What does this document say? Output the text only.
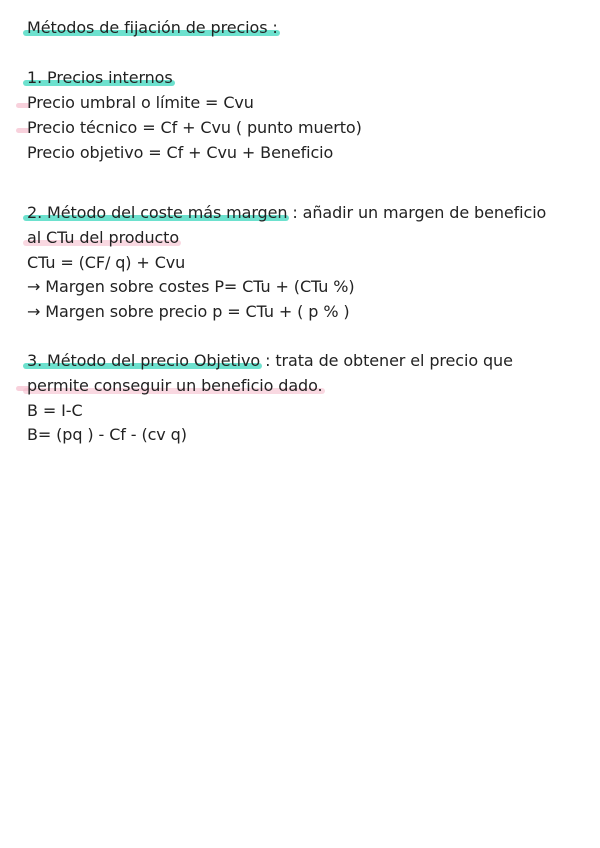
Métodos de fijación de precios :
1. Precios internos
Precio umbral o límite = Cvu
Precio técnico = Cf + Cvu ( punto muerto)
Precio objetivo = Cf + Cvu + Beneficio
2. Método del coste más margen : añadir un margen de beneficio
al CTu del producto
CTu = (CF/ q) + Cvu
→ Margen sobre costes P= CTu + (CTu %)
→ Margen sobre precio p = CTu + ( p % )
3. Método del precio Objetivo : trata de obtener el precio que
permite conseguir un beneficio dado.
B = I-C
B= (pq ) - Cf - (cv q)
